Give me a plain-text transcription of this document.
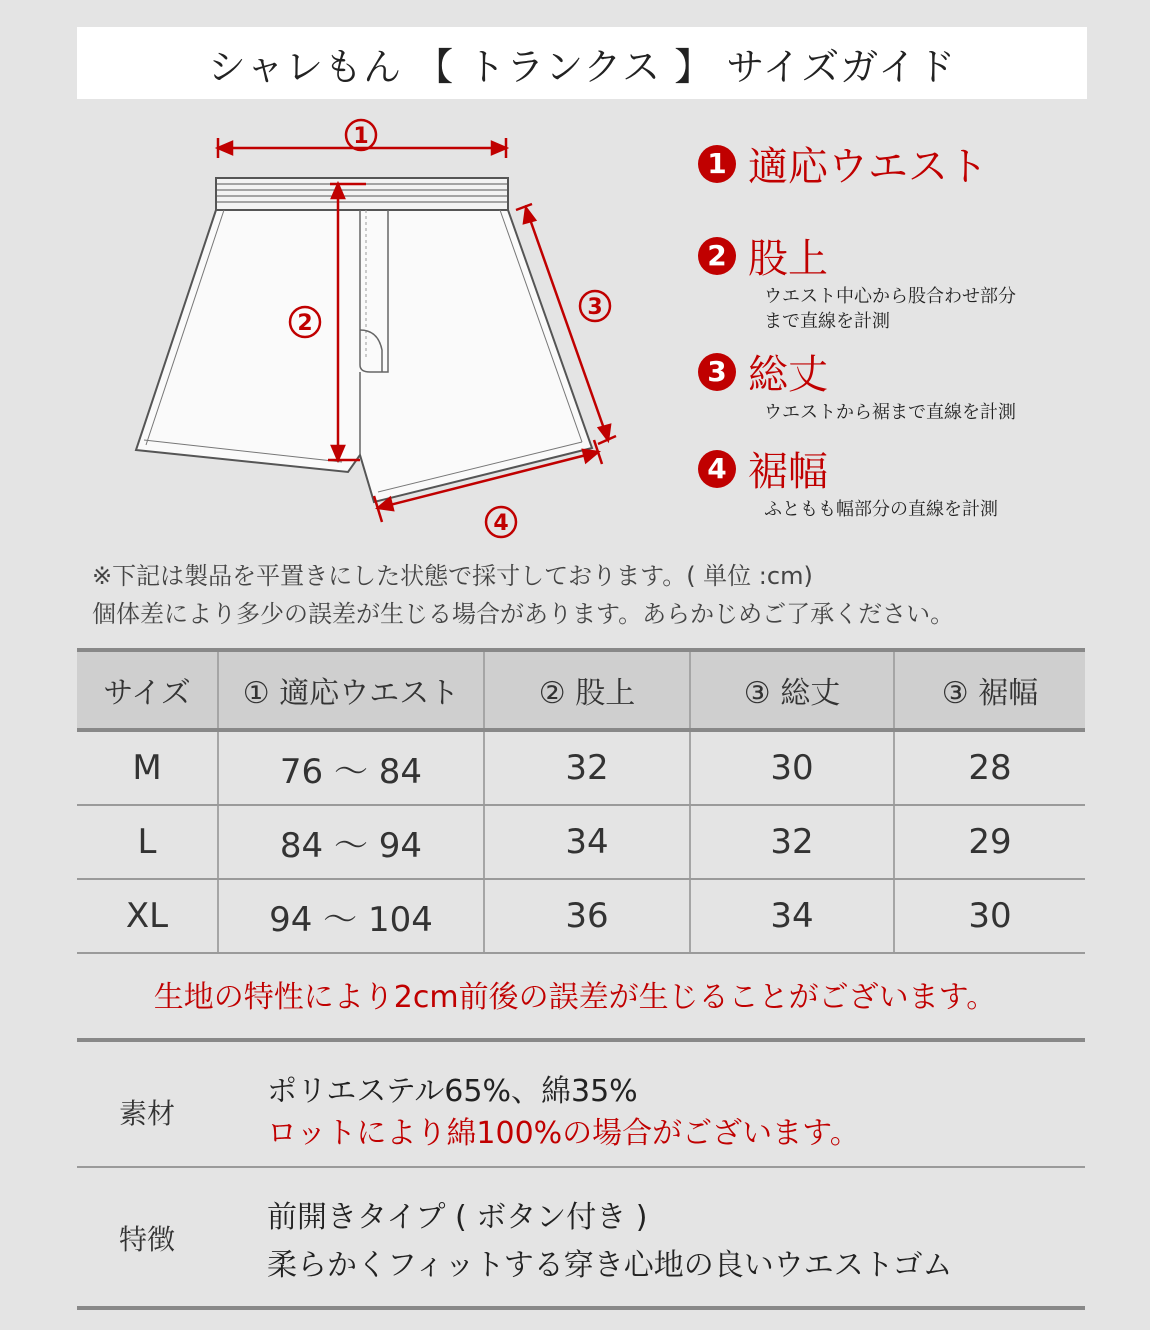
シャレもん 【 トランクス 】 サイズガイド
1
2
3
4
1 適応ウエスト
2 股上
ウエスト中心から股合わせ部分
まで直線を計測
3 総丈
ウエストから裾まで直線を計測
4 裾幅
ふともも幅部分の直線を計測
※下記は製品を平置きにした状態で採寸しております。( 単位 :cm)
個体差により多少の誤差が生じる場合があります。あらかじめご了承ください。
サイズ	① 適応ウエスト	② 股上	③ 総丈	③ 裾幅
M	76 ～ 84	32	30	28
L	84 ～ 94	34	32	29
XL	94 ～ 104	36	34	30
生地の特性により2cm前後の誤差が生じることがございます。
素材
ポリエステル65%、綿35%
ロットにより綿100%の場合がございます。
特徴
前開きタイプ ( ボタン付き )
柔らかくフィットする穿き心地の良いウエストゴム
